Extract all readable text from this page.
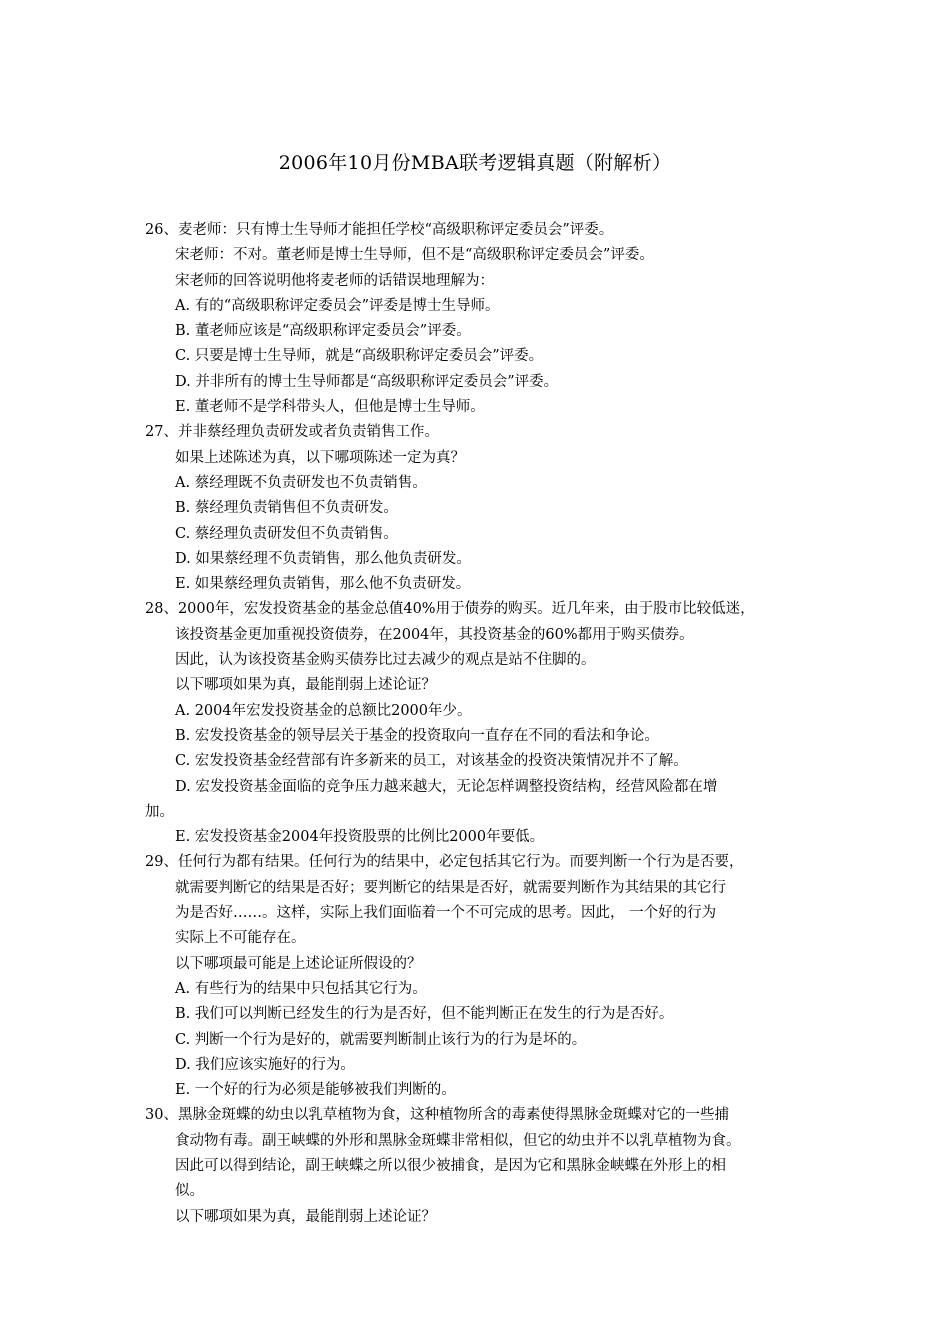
2006年10月份MBA联考逻辑真题（附解析）
26、麦老师：只有博士生导师才能担任学校“高级职称评定委员会”评委。
宋老师：不对。董老师是博士生导师，但不是“高级职称评定委员会”评委。
宋老师的回答说明他将麦老师的话错误地理解为：
A. 有的“高级职称评定委员会”评委是博士生导师。
B. 董老师应该是“高级职称评定委员会”评委。
C. 只要是博士生导师，就是“高级职称评定委员会”评委。
D. 并非所有的博士生导师都是“高级职称评定委员会”评委。
E. 董老师不是学科带头人，但他是博士生导师。
27、并非蔡经理负责研发或者负责销售工作。
如果上述陈述为真，以下哪项陈述一定为真？
A. 蔡经理既不负责研发也不负责销售。
B. 蔡经理负责销售但不负责研发。
C. 蔡经理负责研发但不负责销售。
D. 如果蔡经理不负责销售，那么他负责研发。
E. 如果蔡经理负责销售，那么他不负责研发。
28、2000年，宏发投资基金的基金总值40%用于债券的购买。近几年来，由于股市比较低迷，
该投资基金更加重视投资债券，在2004年，其投资基金的60%都用于购买债券。
因此，认为该投资基金购买债券比过去减少的观点是站不住脚的。
以下哪项如果为真，最能削弱上述论证？
A. 2004年宏发投资基金的总额比2000年少。
B. 宏发投资基金的领导层关于基金的投资取向一直存在不同的看法和争论。
C. 宏发投资基金经营部有许多新来的员工，对该基金的投资决策情况并不了解。
D. 宏发投资基金面临的竞争压力越来越大，无论怎样调整投资结构，经营风险都在增
加。
E. 宏发投资基金2004年投资股票的比例比2000年要低。
29、任何行为都有结果。任何行为的结果中，必定包括其它行为。而要判断一个行为是否要，
就需要判断它的结果是否好；要判断它的结果是否好，就需要判断作为其结果的其它行
为是否好……。这样，实际上我们面临着一个不可完成的思考。因此， 一个好的行为
实际上不可能存在。
以下哪项最可能是上述论证所假设的？
A. 有些行为的结果中只包括其它行为。
B. 我们可以判断已经发生的行为是否好，但不能判断正在发生的行为是否好。
C. 判断一个行为是好的，就需要判断制止该行为的行为是坏的。
D. 我们应该实施好的行为。
E. 一个好的行为必须是能够被我们判断的。
30、黑脉金斑蝶的幼虫以乳草植物为食，这种植物所含的毒素使得黑脉金斑蝶对它的一些捕
食动物有毒。副王峡蝶的外形和黑脉金斑蝶非常相似，但它的幼虫并不以乳草植物为食。
因此可以得到结论，副王峡蝶之所以很少被捕食，是因为它和黑脉金峡蝶在外形上的相
似。
以下哪项如果为真，最能削弱上述论证？
